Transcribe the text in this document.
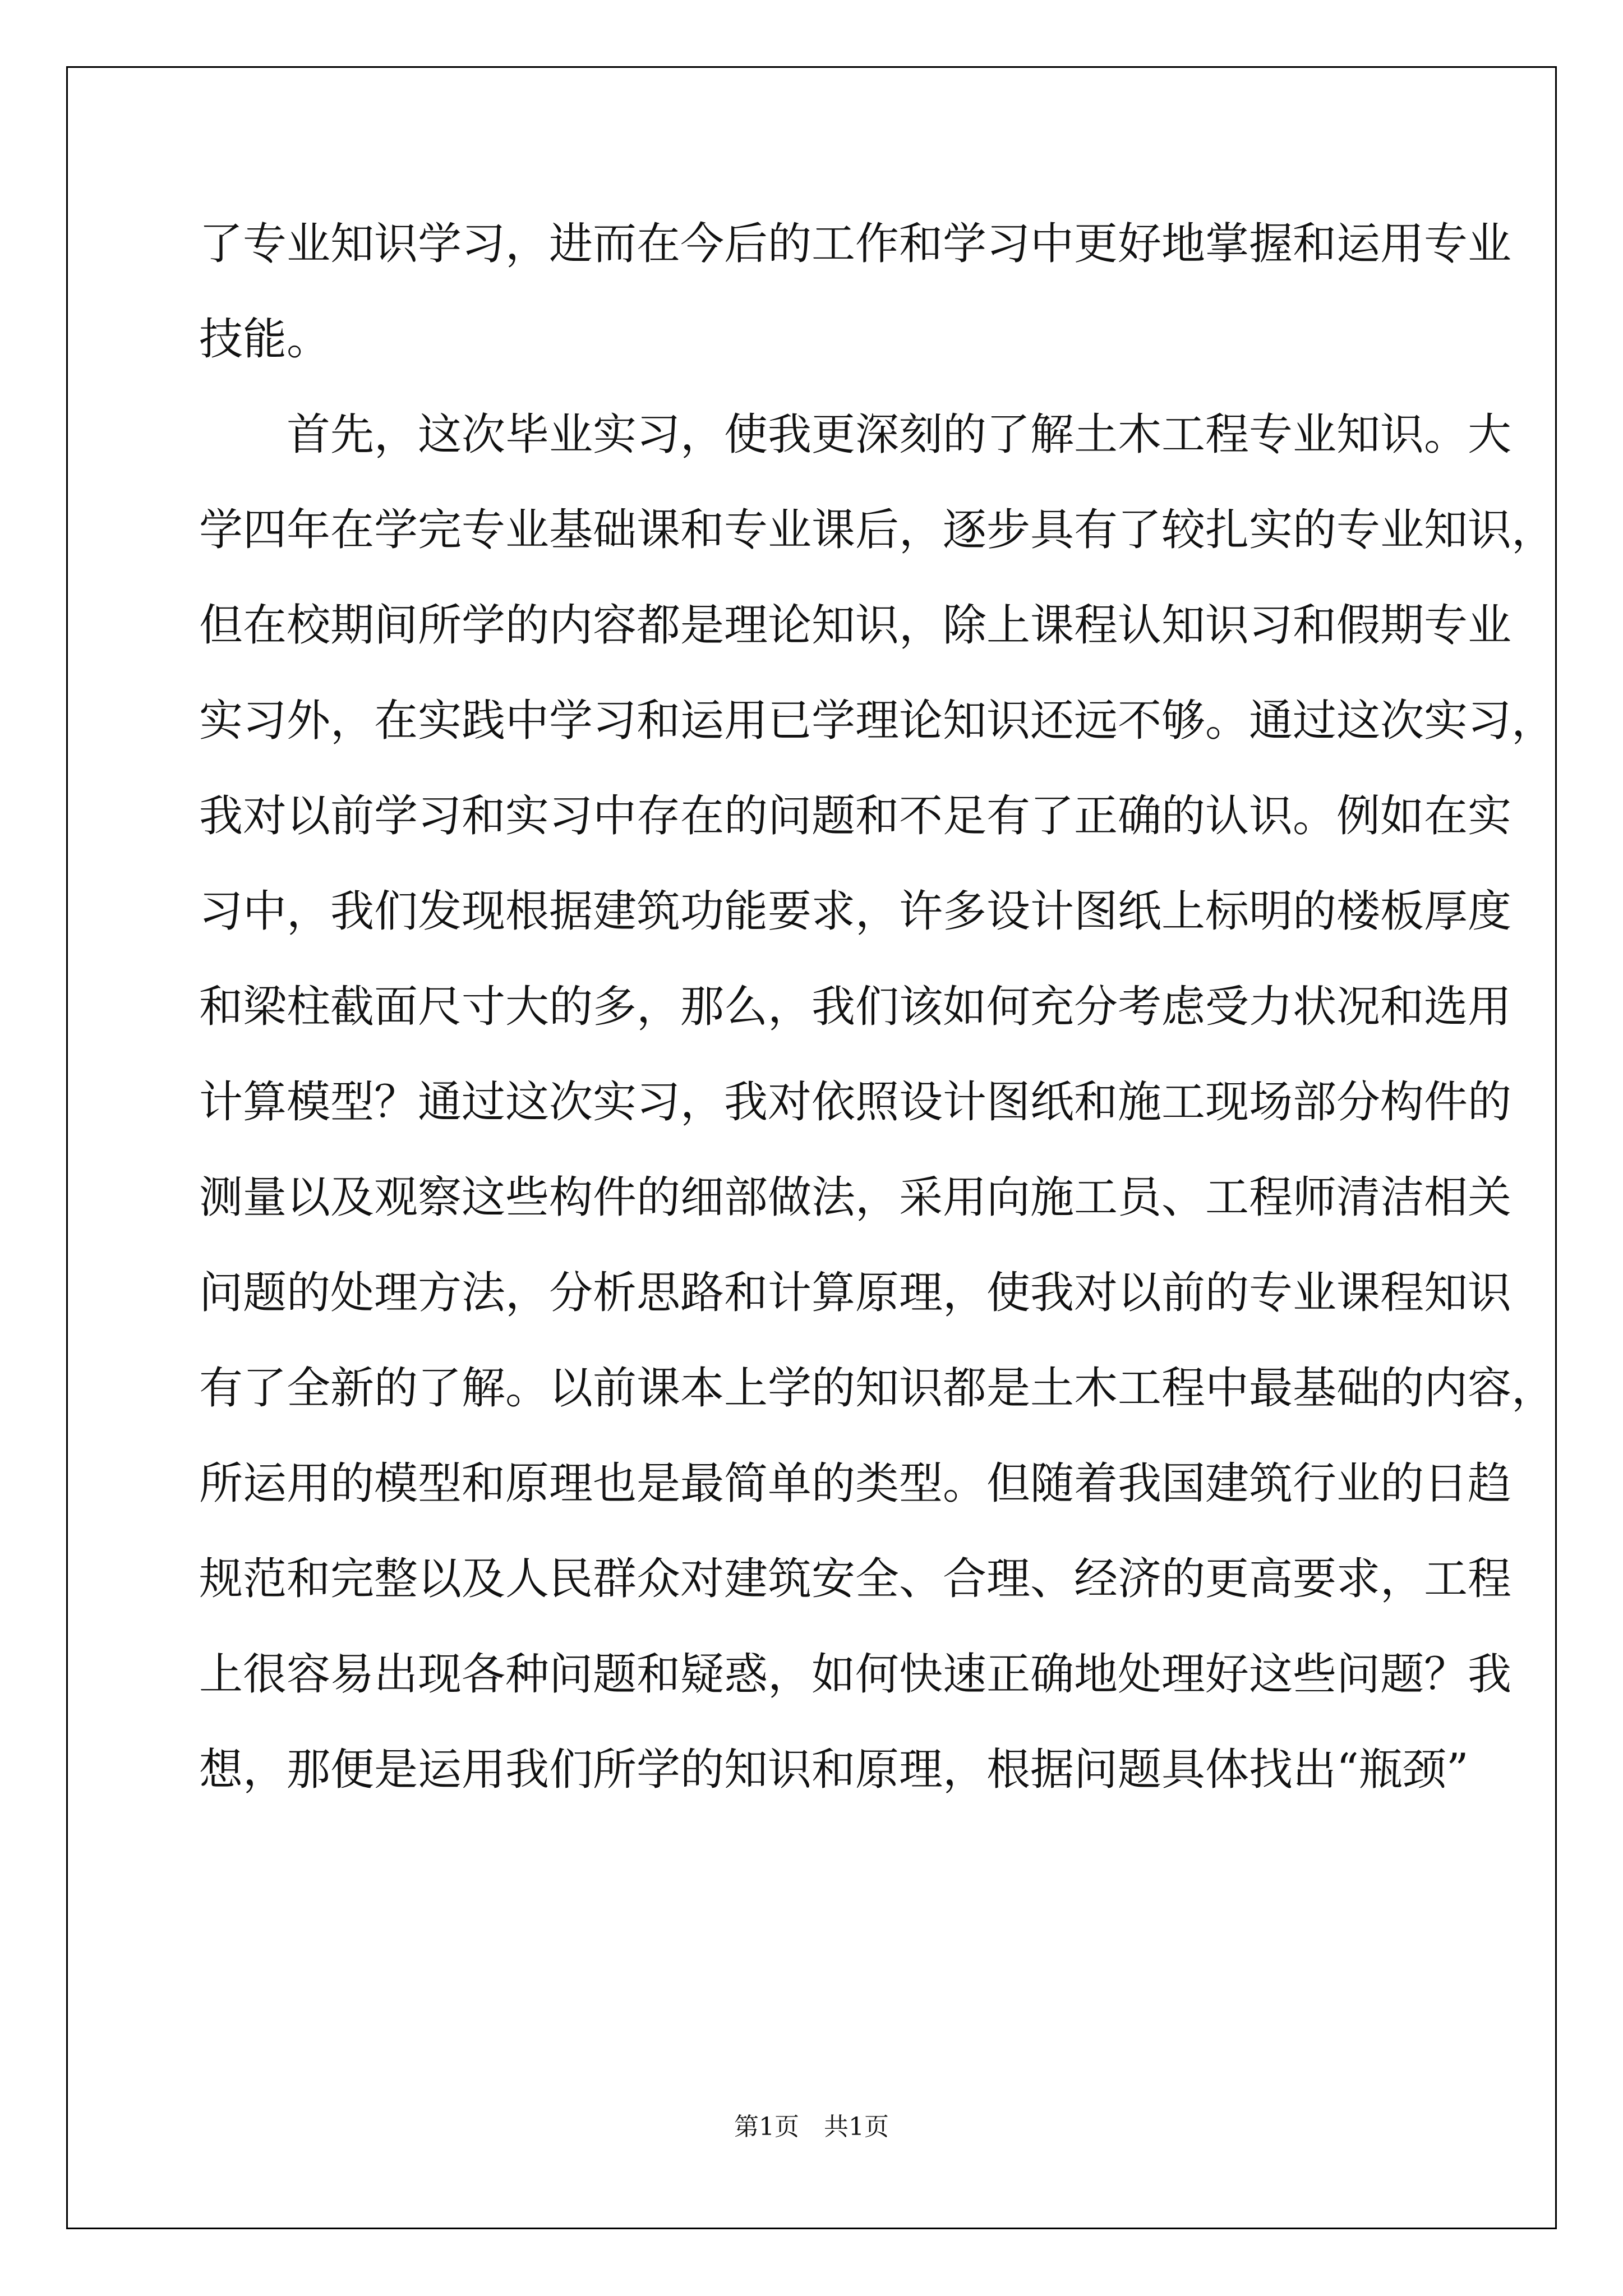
了专业知识学习，进而在今后的工作和学习中更好地掌握和运用专业
技能。
首先，这次毕业实习，使我更深刻的了解土木工程专业知识。大
学四年在学完专业基础课和专业课后，逐步具有了较扎实的专业知识，
但在校期间所学的内容都是理论知识，除上课程认知识习和假期专业
实习外，在实践中学习和运用已学理论知识还远不够。通过这次实习，
我对以前学习和实习中存在的问题和不足有了正确的认识。例如在实
习中，我们发现根据建筑功能要求，许多设计图纸上标明的楼板厚度
和梁柱截面尺寸大的多，那么，我们该如何充分考虑受力状况和选用
计算模型？通过这次实习，我对依照设计图纸和施工现场部分构件的
测量以及观察这些构件的细部做法，采用向施工员、工程师清洁相关
问题的处理方法，分析思路和计算原理，使我对以前的专业课程知识
有了全新的了解。以前课本上学的知识都是土木工程中最基础的内容，
所运用的模型和原理也是最简单的类型。但随着我国建筑行业的日趋
规范和完整以及人民群众对建筑安全、合理、经济的更高要求，工程
上很容易出现各种问题和疑惑，如何快速正确地处理好这些问题？我
想，那便是运用我们所学的知识和原理，根据问题具体找出“瓶颈”
第1页　共1页
